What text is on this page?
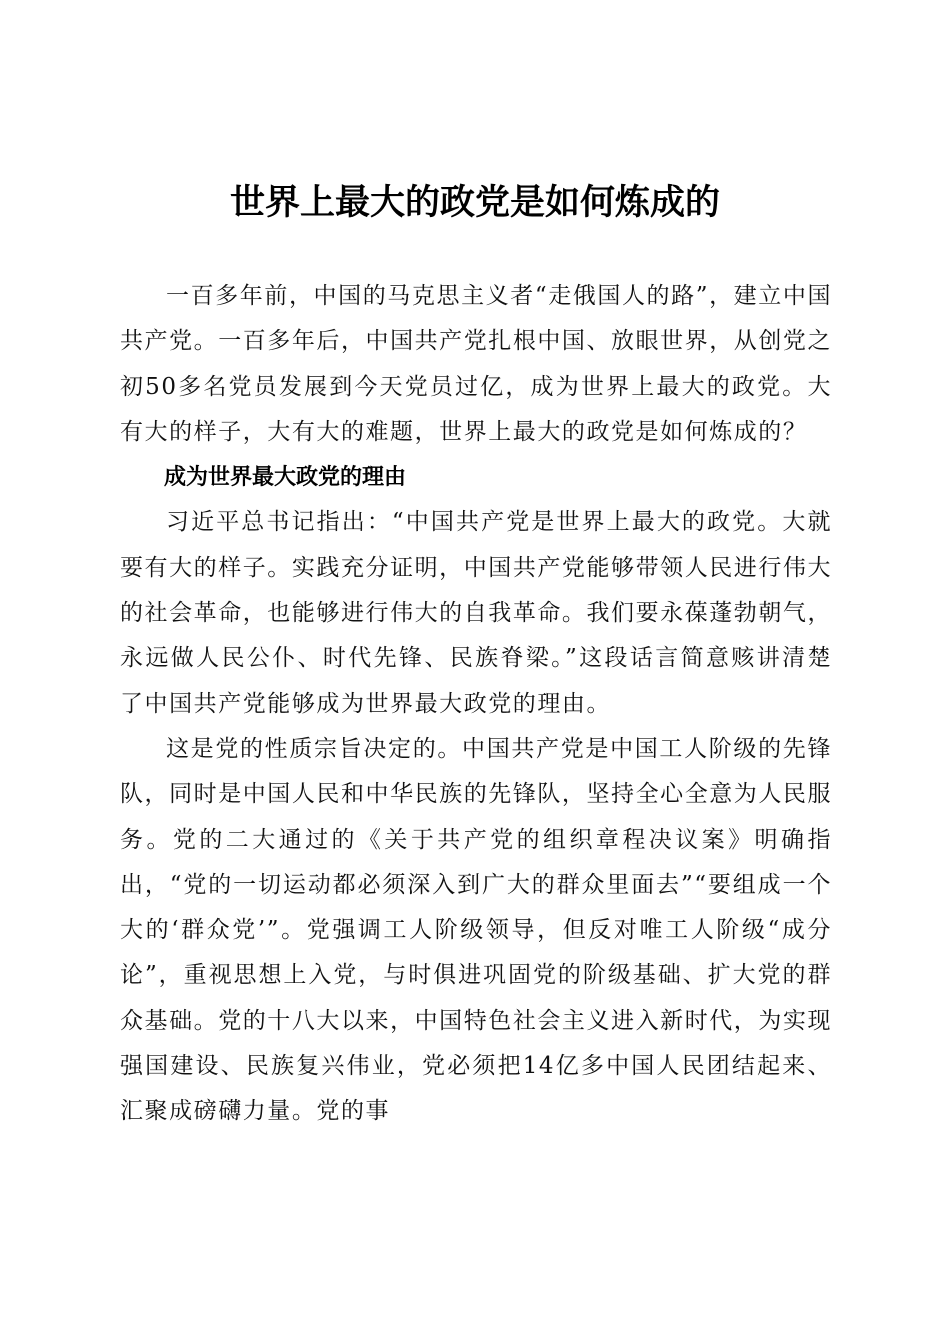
世界上最大的政党是如何炼成的

一百多年前，中国的马克思主义者“走俄国人的路”，建立中国共产党。一百多年后，中国共产党扎根中国、放眼世界，从创党之初50多名党员发展到今天党员过亿，成为世界上最大的政党。大有大的样子，大有大的难题，世界上最大的政党是如何炼成的？

成为世界最大政党的理由

习近平总书记指出：“中国共产党是世界上最大的政党。大就要有大的样子。实践充分证明，中国共产党能够带领人民进行伟大的社会革命，也能够进行伟大的自我革命。我们要永葆蓬勃朝气，永远做人民公仆、时代先锋、民族脊梁。”这段话言简意赅讲清楚了中国共产党能够成为世界最大政党的理由。

这是党的性质宗旨决定的。中国共产党是中国工人阶级的先锋队，同时是中国人民和中华民族的先锋队，坚持全心全意为人民服务。党的二大通过的《关于共产党的组织章程决议案》明确指出，“党的一切运动都必须深入到广大的群众里面去”“要组成一个大的‘群众党’”。党强调工人阶级领导，但反对唯工人阶级“成分论”，重视思想上入党，与时俱进巩固党的阶级基础、扩大党的群众基础。党的十八大以来，中国特色社会主义进入新时代，为实现强国建设、民族复兴伟业，党必须把14亿多中国人民团结起来、汇聚成磅礴力量。党的事
